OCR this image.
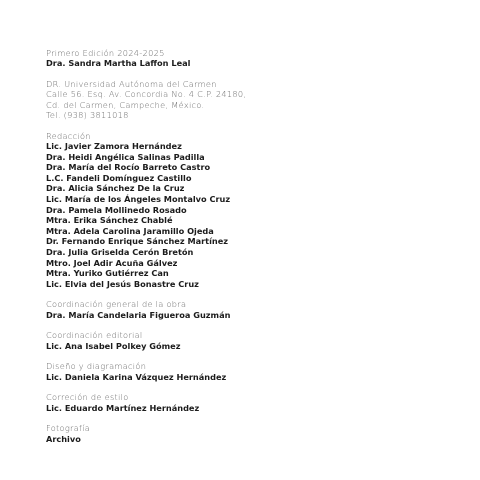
Primero Edición 2024-2025
Dra. Sandra Martha Laffon Leal
DR. Universidad Autónoma del Carmen
Calle 56. Esq. Av. Concordia No. 4 C.P. 24180,
Cd. del Carmen, Campeche, México.
Tel. (938) 3811018
Redacción
Lic. Javier Zamora Hernández
Dra. Heidi Angélica Salinas Padilla
Dra. María del Rocío Barreto Castro
L.C. Fandeli Domínguez Castillo
Dra. Alicia Sánchez De la Cruz
Lic. María de los Ángeles Montalvo Cruz
Dra. Pamela Mollinedo Rosado
Mtra. Erika Sánchez Chablé
Mtra. Adela Carolina Jaramillo Ojeda
Dr. Fernando Enrique Sánchez Martínez
Dra. Julia Griselda Cerón Bretón
Mtro. Joel Adir Acuña Gálvez
Mtra. Yuriko Gutiérrez Can
Lic. Elvia del Jesús Bonastre Cruz
Coordinación general de la obra
Dra. María Candelaria Figueroa Guzmán
Coordinación editorial
Lic. Ana Isabel Polkey Gómez
Diseño y diagramación
Lic. Daniela Karina Vázquez Hernández
Correción de estilo
Lic. Eduardo Martínez Hernández
Fotografía
Archivo
